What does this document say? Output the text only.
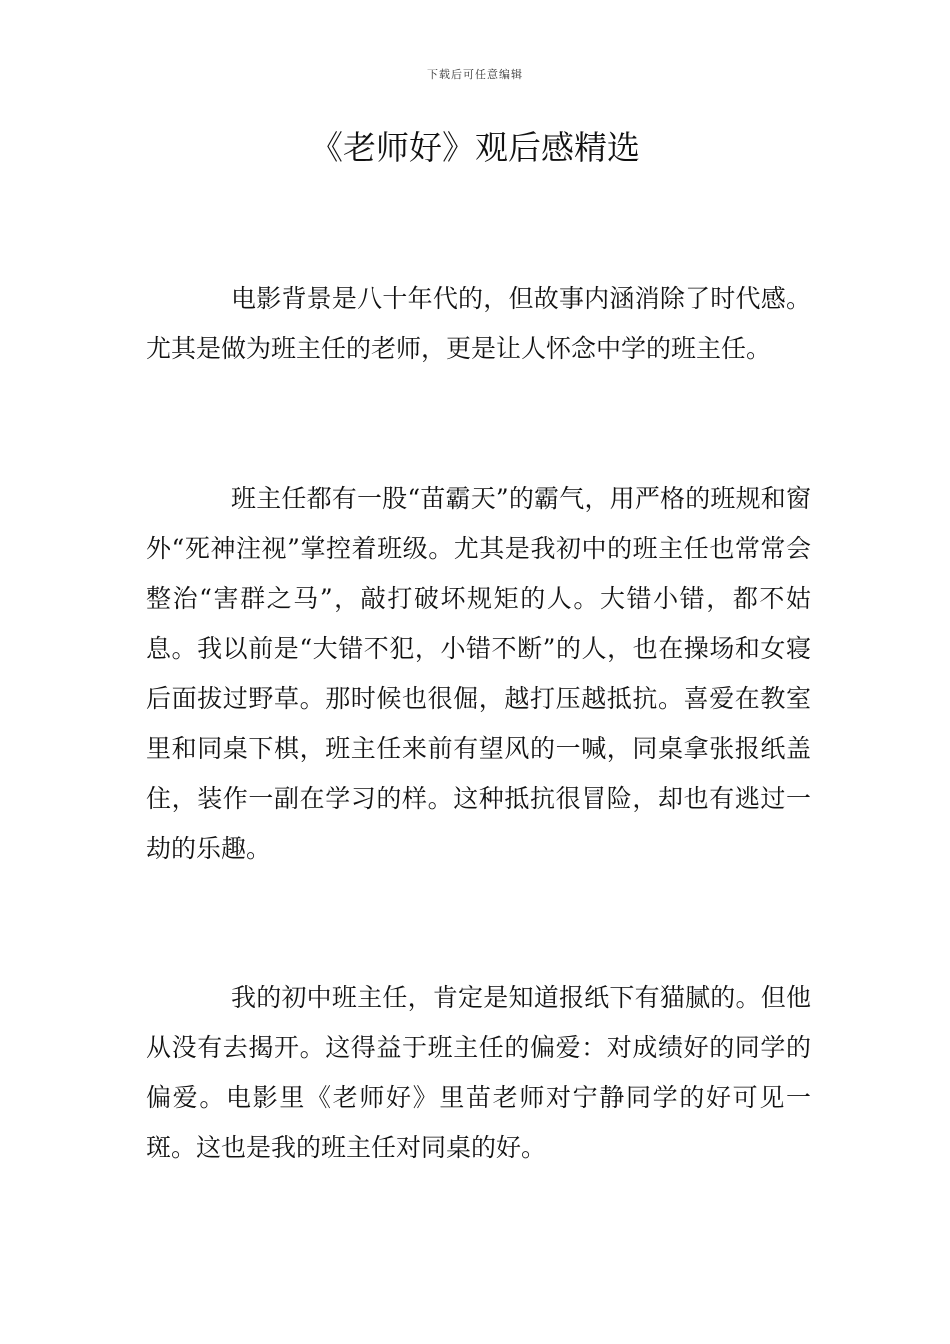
下载后可任意编辑
《老师好》观后感精选

电影背景是八十年代的，但故事内涵消除了时代感。尤其是做为班主任的老师，更是让人怀念中学的班主任。

班主任都有一股“苗霸天”的霸气，用严格的班规和窗外“死神注视”掌控着班级。尤其是我初中的班主任也常常会整治“害群之马”，敲打破坏规矩的人。大错小错，都不姑息。我以前是“大错不犯，小错不断”的人，也在操场和女寝后面拔过野草。那时候也很倔，越打压越抵抗。喜爱在教室里和同桌下棋，班主任来前有望风的一喊，同桌拿张报纸盖住，装作一副在学习的样。这种抵抗很冒险，却也有逃过一劫的乐趣。

我的初中班主任，肯定是知道报纸下有猫腻的。但他从没有去揭开。这得益于班主任的偏爱：对成绩好的同学的偏爱。电影里《老师好》里苗老师对宁静同学的好可见一斑。这也是我的班主任对同桌的好。
